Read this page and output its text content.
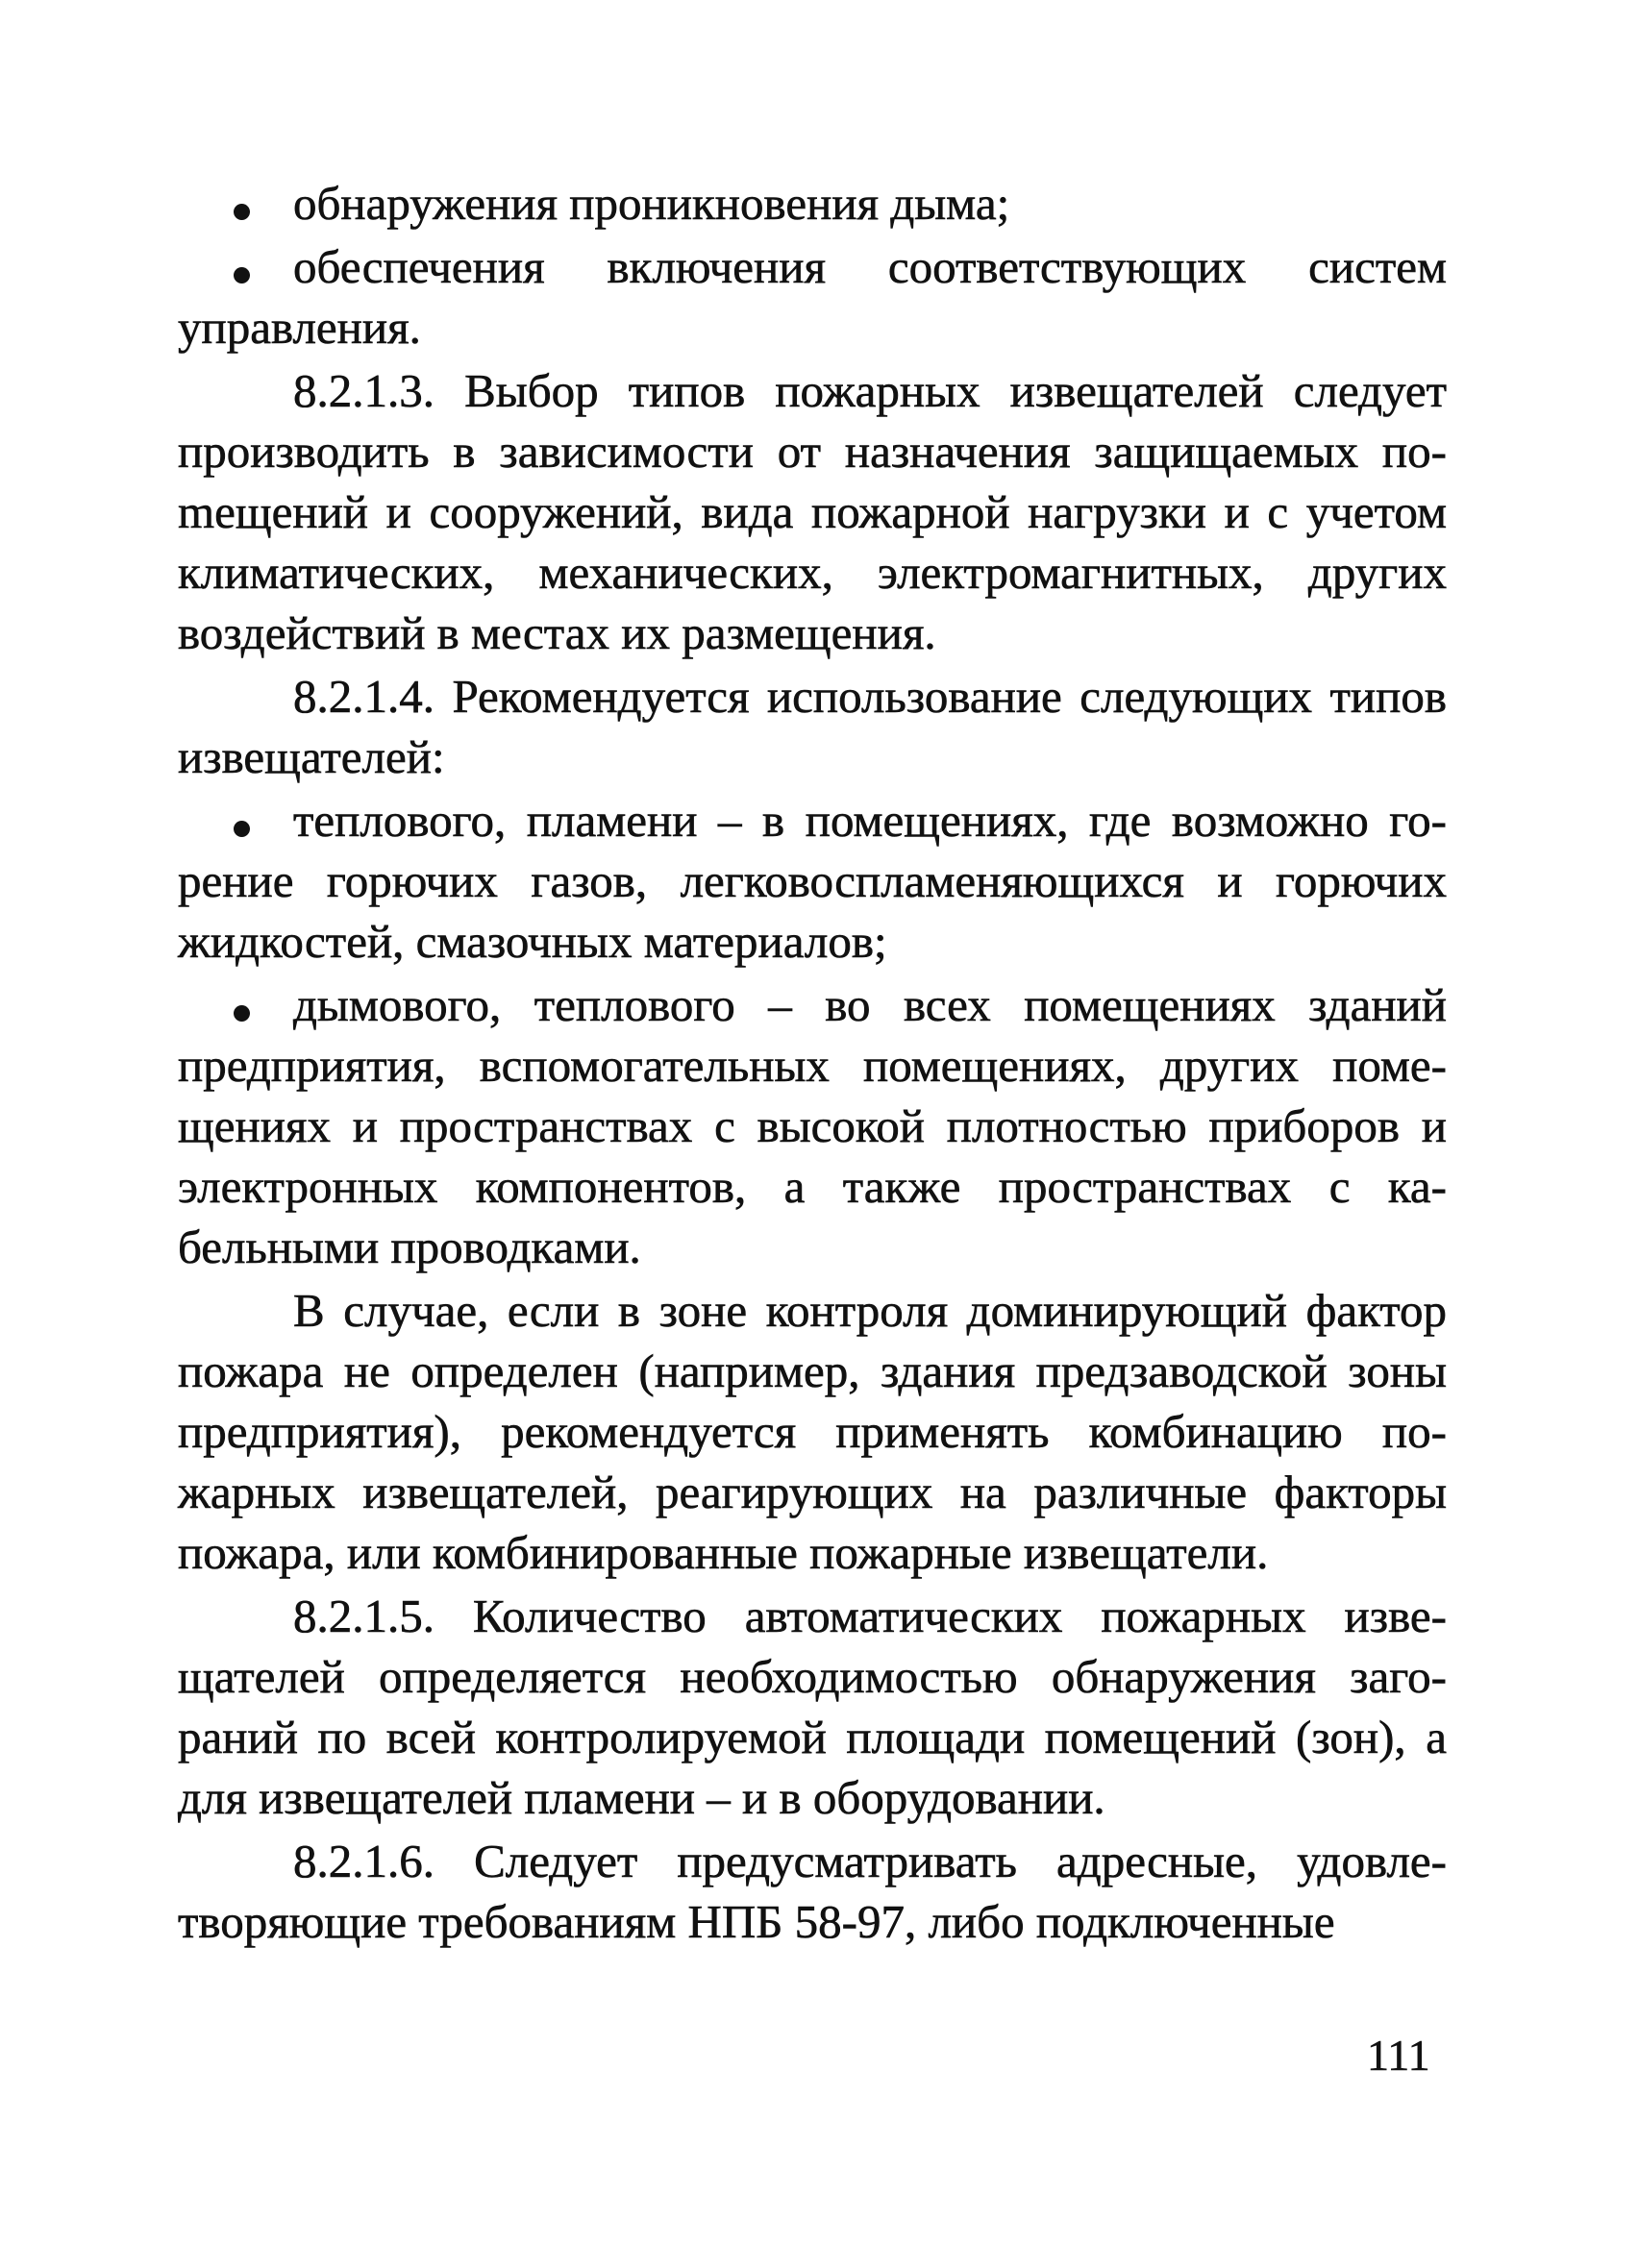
обнаружения проникновения дыма;
обеспечения включения соответствующих систем управления.
8.2.1.3. Выбор типов пожарных извещателей следует производить в зависимости от назначения защищаемых поmещений и сооружений, вида пожарной нагрузки и с учетом климатических, механических, электромагнитных, других воздействий в местах их размещения.
8.2.1.4. Рекомендуется использование следующих типов извещателей:
теплового, пламени – в помещениях, где возможно горение горючих газов, легковоспламеняющихся и горючих жидкостей, смазочных материалов;
дымового, теплового – во всех помещениях зданий предприятия, вспомогательных помещениях, других помещениях и пространствах с высокой плотностью приборов и электронных компонентов, а также пространствах с кабельными проводками.
В случае, если в зоне контроля доминирующий фактор пожара не определен (например, здания предзаводской зоны предприятия), рекомендуется применять комбинацию пожарных извещателей, реагирующих на различные факторы пожара, или комбинированные пожарные извещатели.
8.2.1.5. Количество автоматических пожарных извещателей определяется необходимостью обнаружения загораний по всей контролируемой площади помещений (зон), а для извещателей пламени – и в оборудовании.
8.2.1.6. Следует предусматривать адресные, удовлетворяющие требованиям НПБ 58-97, либо подключенные
111
